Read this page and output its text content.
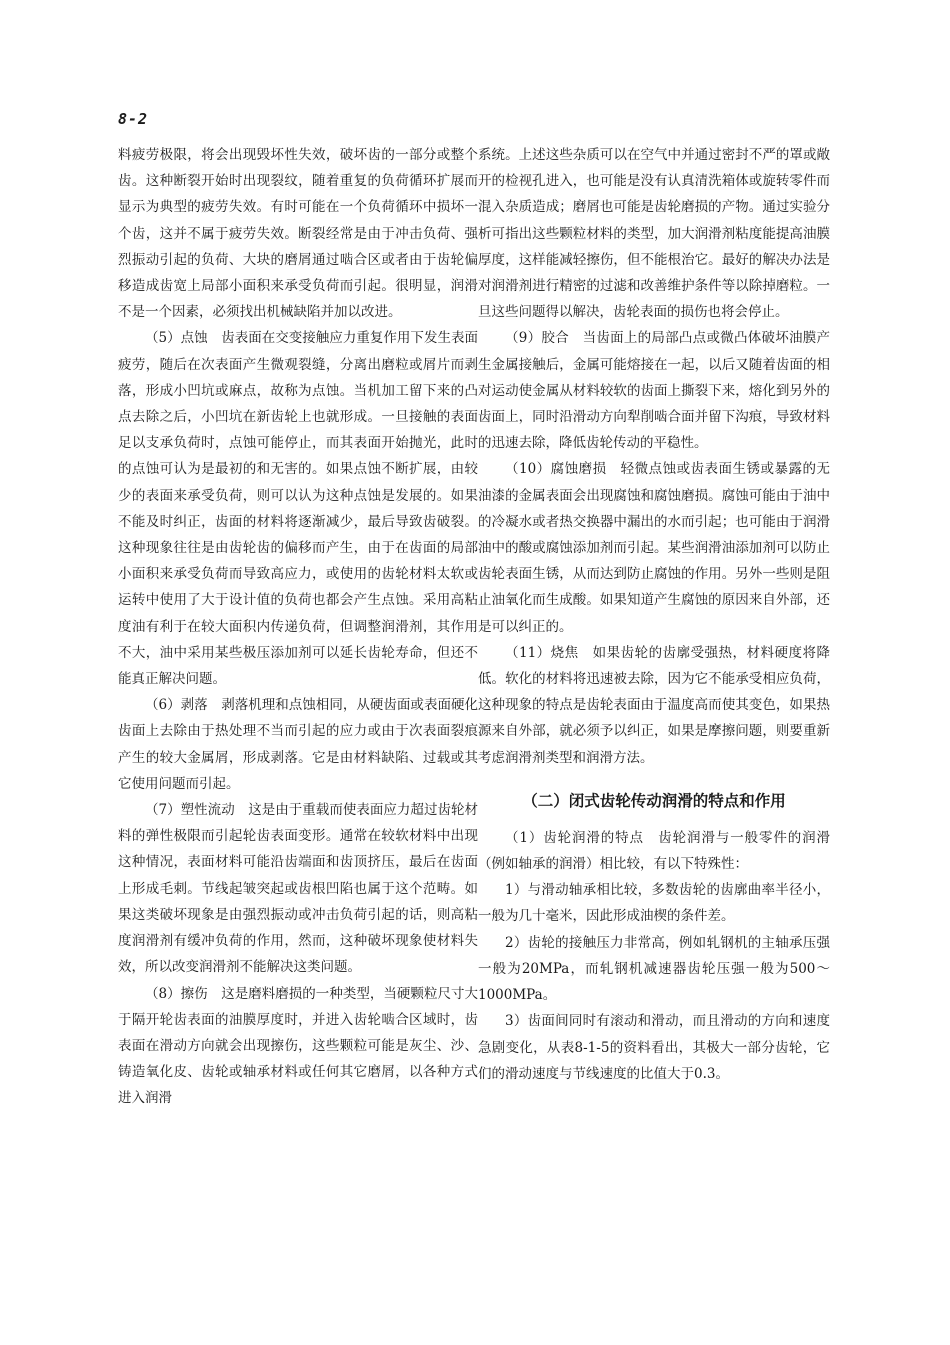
8-2

料疲劳极限，将会出现毁坏性失效，破坏齿的一部分或整个齿。这种断裂开始时出现裂纹，随着重复的负荷循环扩展而显示为典型的疲劳失效。有时可能在一个负荷循环中损坏一个齿，这并不属于疲劳失效。断裂经常是由于冲击负荷、强烈振动引起的负荷、大块的磨屑通过啮合区或者由于齿轮偏移造成齿宽上局部小面积来承受负荷而引起。很明显，润滑不是一个因素，必须找出机械缺陷并加以改进。

（5）点蚀　齿表面在交变接触应力重复作用下发生表面疲劳，随后在次表面产生微观裂缝，分离出磨粒或屑片而剥落，形成小凹坑或麻点，故称为点蚀。当机加工留下来的凸点去除之后，小凹坑在新齿轮上也就形成。一旦接触的表面足以支承负荷时，点蚀可能停止，而其表面开始抛光，此时的点蚀可认为是最初的和无害的。如果点蚀不断扩展，由较少的表面来承受负荷，则可以认为这种点蚀是发展的。如果不能及时纠正，齿面的材料将逐渐减少，最后导致齿破裂。这种现象往往是由齿轮齿的偏移而产生，由于在齿面的局部小面积来承受负荷而导致高应力，或使用的齿轮材料太软或运转中使用了大于设计值的负荷也都会产生点蚀。采用高粘度油有利于在较大面积内传递负荷，但调整润滑剂，其作用不大，油中采用某些极压添加剂可以延长齿轮寿命，但还不能真正解决问题。

（6）剥落　剥落机理和点蚀相同，从硬齿面或表面硬化齿面上去除由于热处理不当而引起的应力或由于次表面裂痕产生的较大金属屑，形成剥落。它是由材料缺陷、过载或其它使用问题而引起。

（7）塑性流动　这是由于重载而使表面应力超过齿轮材料的弹性极限而引起轮齿表面变形。通常在较软材料中出现这种情况，表面材料可能沿齿端面和齿顶挤压，最后在齿面上形成毛刺。节线起皱突起或齿根凹陷也属于这个范畴。如果这类破坏现象是由强烈振动或冲击负荷引起的话，则高粘度润滑剂有缓冲负荷的作用，然而，这种破坏现象使材料失效，所以改变润滑剂不能解决这类问题。

（8）擦伤　这是磨料磨损的一种类型，当硬颗粒尺寸大于隔开轮齿表面的油膜厚度时，并进入齿轮啮合区域时，齿表面在滑动方向就会出现擦伤，这些颗粒可能是灰尘、沙、铸造氧化皮、齿轮或轴承材料或任何其它磨屑，以各种方式进入润滑

系统。上述这些杂质可以在空气中并通过密封不严的罩或敞开的检视孔进入，也可能是没有认真清洗箱体或旋转零件而混入杂质造成；磨屑也可能是齿轮磨损的产物。通过实验分析可指出这些颗粒材料的类型，加大润滑剂粘度能提高油膜厚度，这样能减轻擦伤，但不能根治它。最好的解决办法是对润滑剂进行精密的过滤和改善维护条件等以除掉磨粒。一旦这些问题得以解决，齿轮表面的损伤也将会停止。

（9）胶合　当齿面上的局部凸点或微凸体破坏油膜产生金属接触后，金属可能熔接在一起，以后又随着齿面的相对运动使金属从材料较软的齿面上撕裂下来，熔化到另外的齿面上，同时沿滑动方向犁削啮合面并留下沟痕，导致材料的迅速去除，降低齿轮传动的平稳性。

（10）腐蚀磨损　轻微点蚀或齿表面生锈或暴露的无油漆的金属表面会出现腐蚀和腐蚀磨损。腐蚀可能由于油中的冷凝水或者热交换器中漏出的水而引起；也可能由于润滑油中的酸或腐蚀添加剂而引起。某些润滑油添加剂可以防止齿轮表面生锈，从而达到防止腐蚀的作用。另外一些则是阻止油氧化而生成酸。如果知道产生腐蚀的原因来自外部，还是可以纠正的。

（11）烧焦　如果齿轮的齿廓受强热，材料硬度将降低。软化的材料将迅速被去除，因为它不能承受相应负荷，这种现象的特点是齿轮表面由于温度高而使其变色，如果热源来自外部，就必须予以纠正，如果是摩擦问题，则要重新考虑润滑剂类型和润滑方法。

（二）闭式齿轮传动润滑的特点和作用

（1）齿轮润滑的特点　齿轮润滑与一般零件的润滑（例如轴承的润滑）相比较，有以下特殊性：

1）与滑动轴承相比较，多数齿轮的齿廓曲率半径小，一般为几十毫米，因此形成油楔的条件差。

2）齿轮的接触压力非常高，例如轧钢机的主轴承压强一般为20MPa，而轧钢机减速器齿轮压强一般为500～1000MPa。

3）齿面间同时有滚动和滑动，而且滑动的方向和速度急剧变化，从表8-1-5的资料看出，其极大一部分齿轮，它们的滑动速度与节线速度的比值大于0.3。
